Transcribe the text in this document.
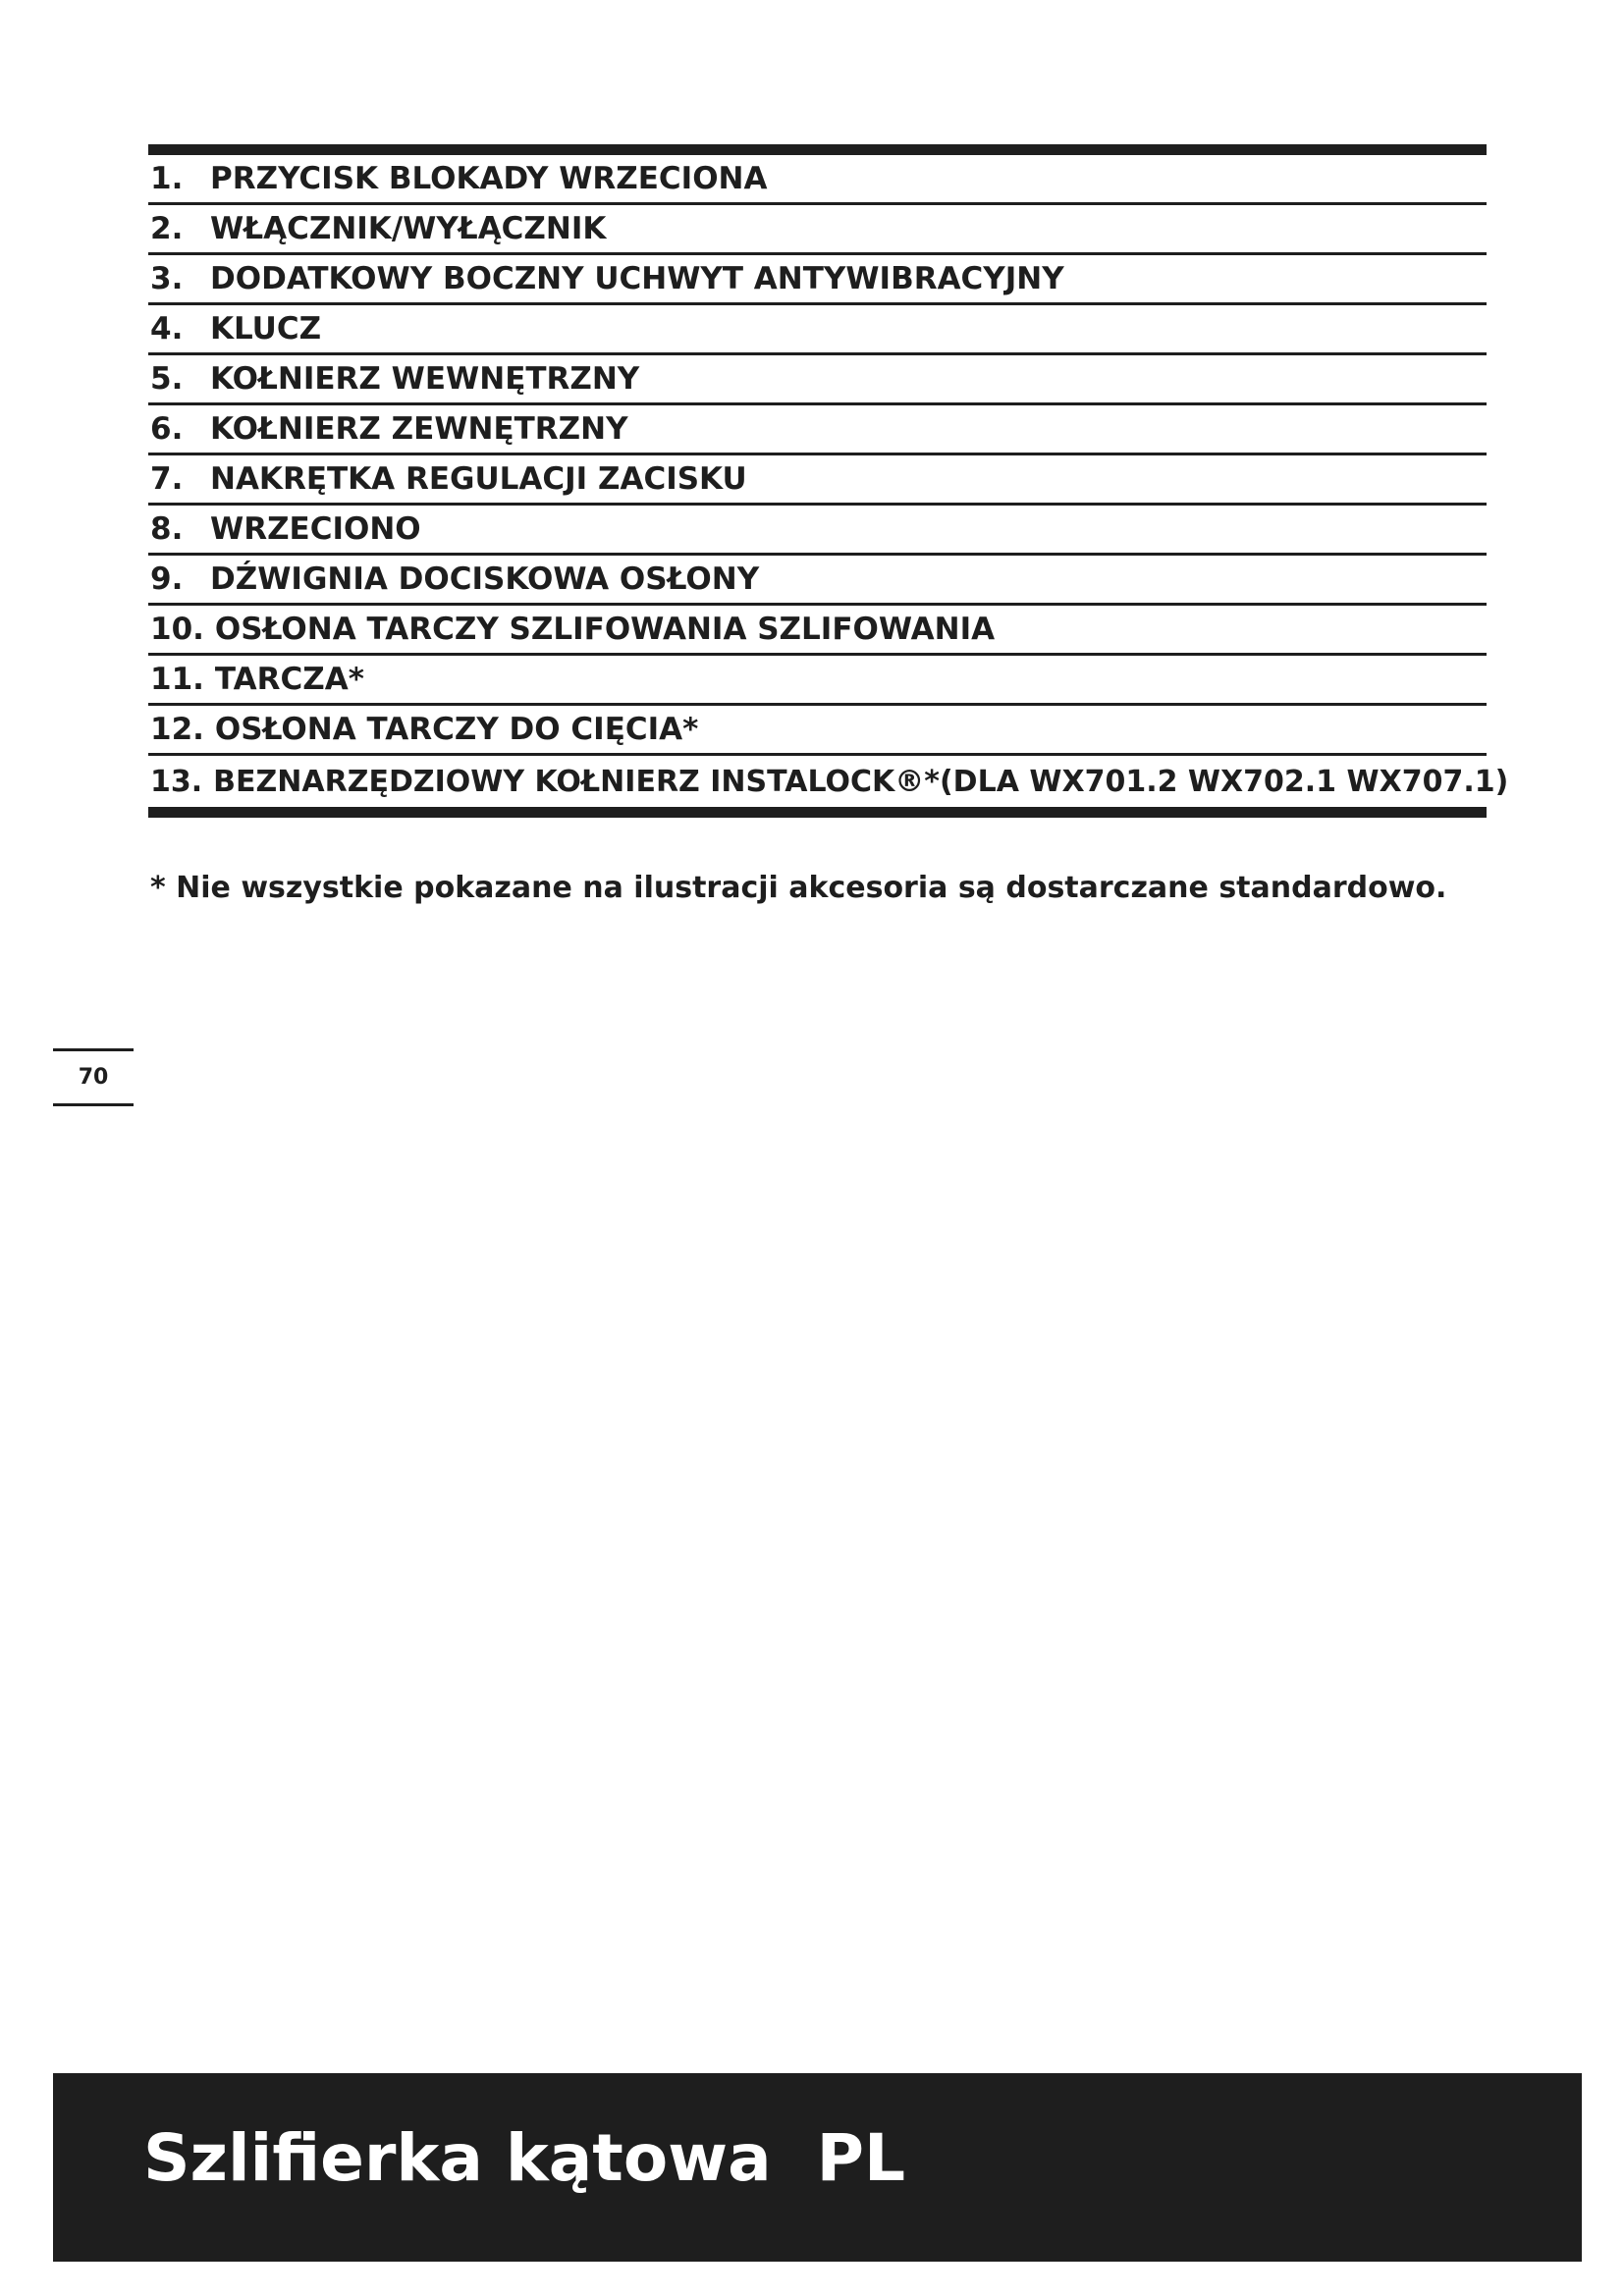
1. PRZYCISK BLOKADY WRZECIONA
2. WŁĄCZNIK/WYŁĄCZNIK
3. DODATKOWY BOCZNY UCHWYT ANTYWIBRACYJNY
4. KLUCZ
5. KOŁNIERZ WEWNĘTRZNY
6. KOŁNIERZ ZEWNĘTRZNY
7. NAKRĘTKA REGULACJI ZACISKU
8. WRZECIONO
9. DŹWIGNIA DOCISKOWA OSŁONY
10. OSŁONA TARCZY SZLIFOWANIA SZLIFOWANIA
11. TARCZA*
12. OSŁONA TARCZY DO CIĘCIA*
13. BEZNARZĘDZIOWY KOŁNIERZ INSTALOCK®*(DLA WX701.2 WX702.1 WX707.1)
* Nie wszystkie pokazane na ilustracji akcesoria są dostarczane standardowo.
70
Szlifierka kątowa  PL
